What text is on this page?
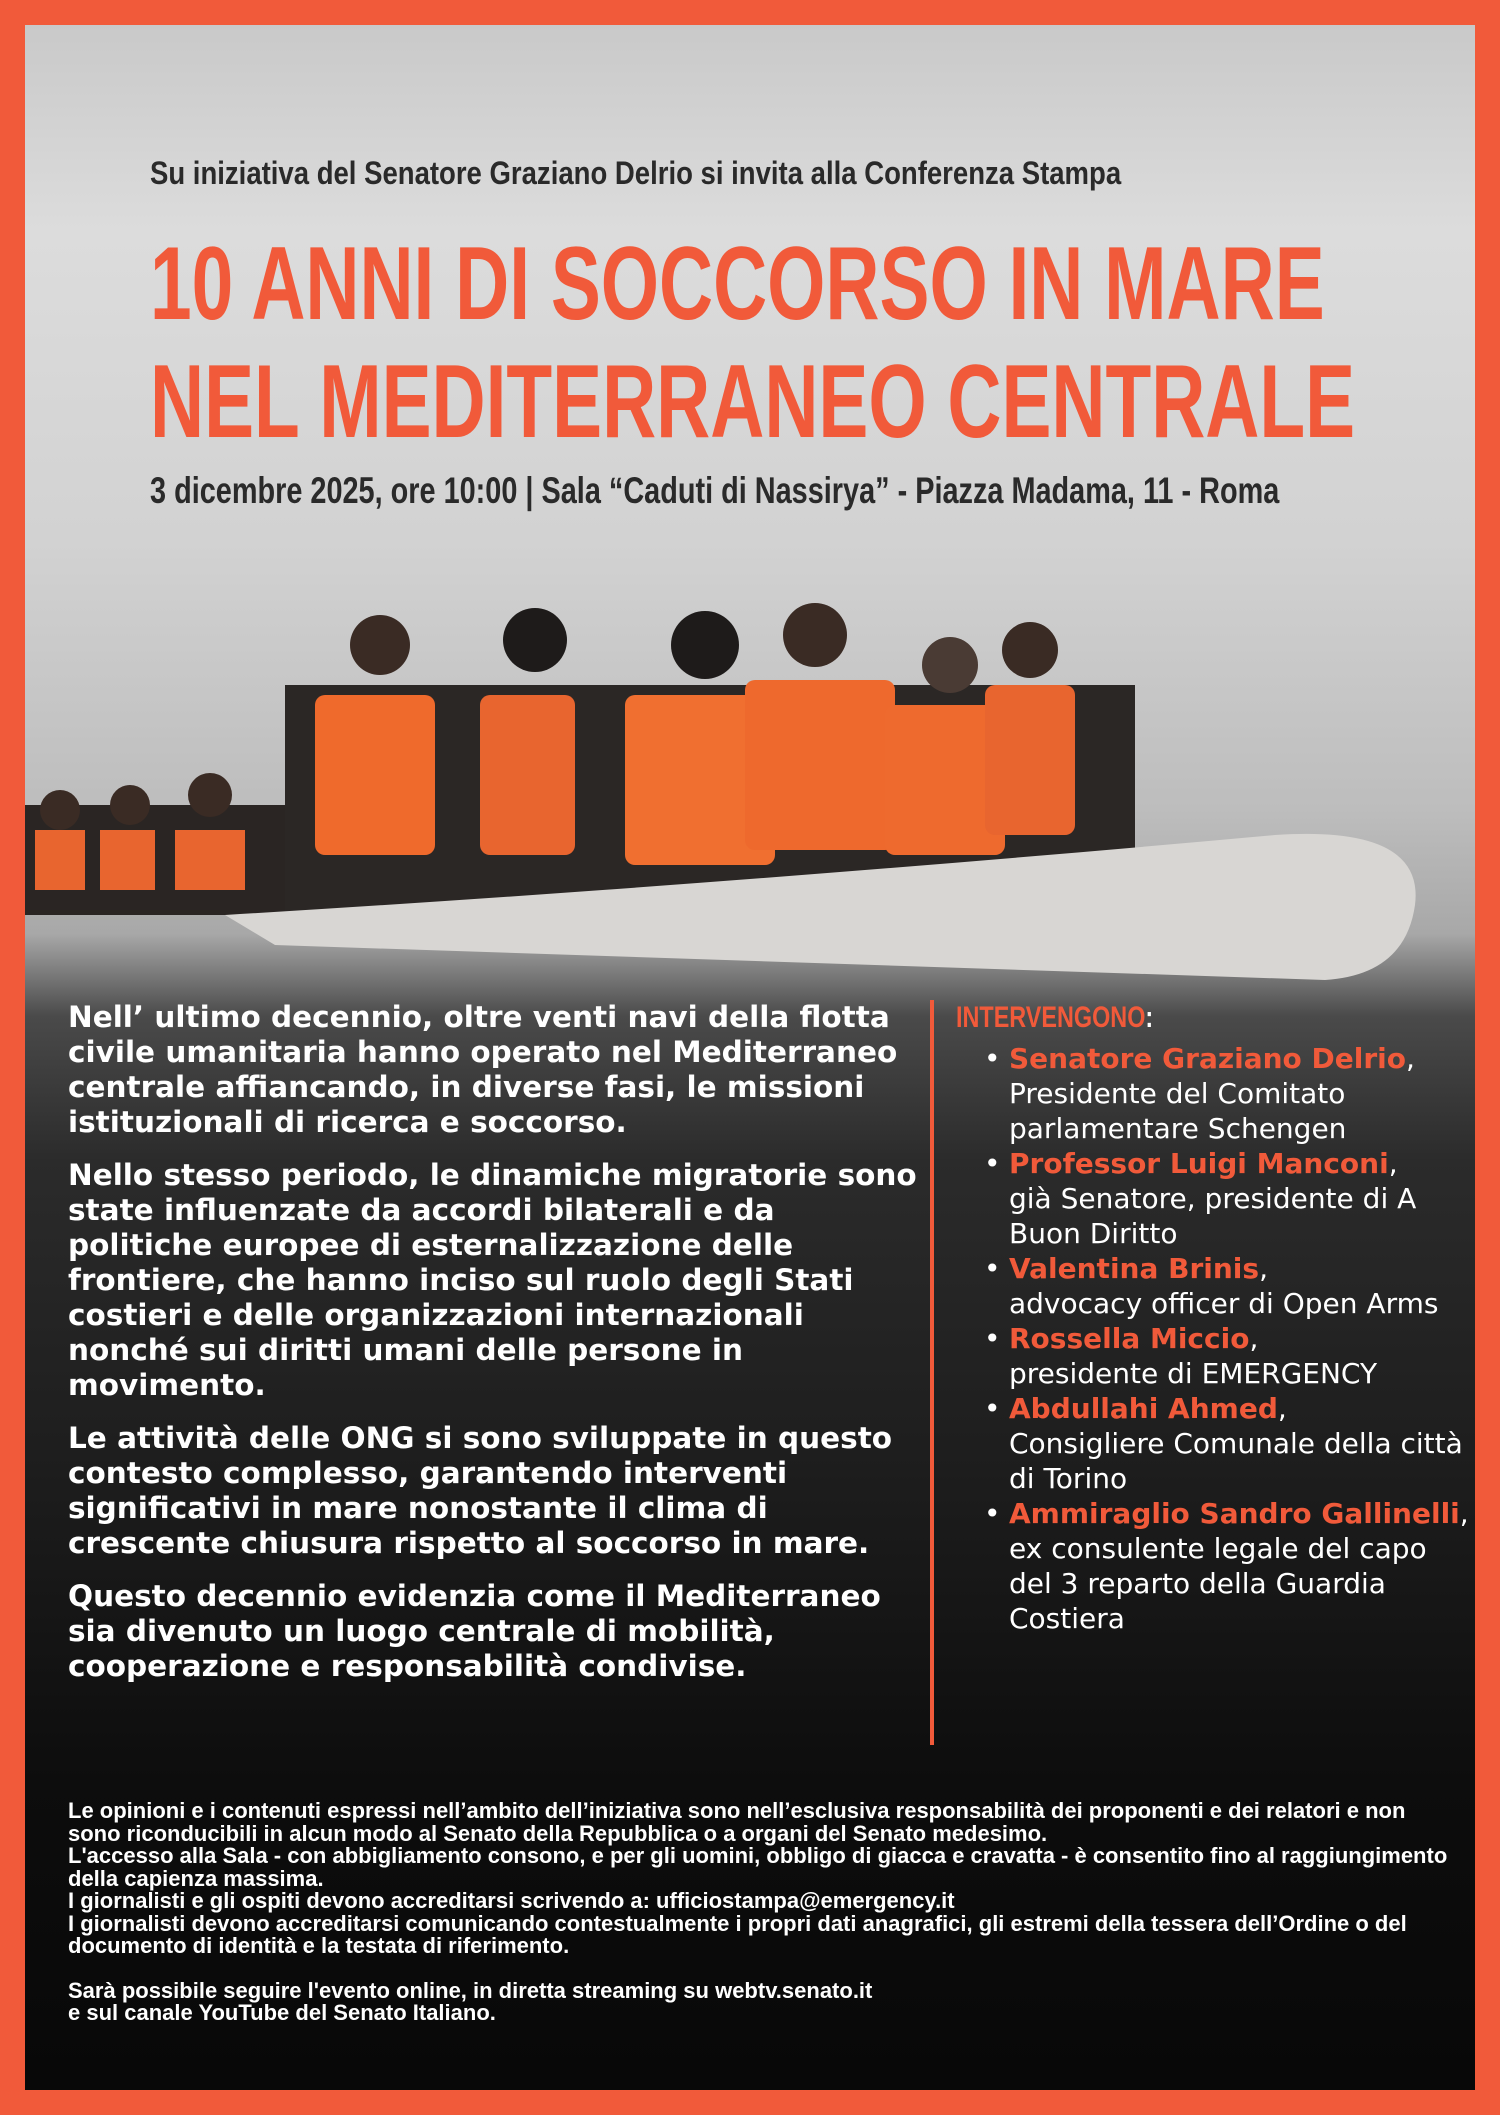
Su iniziativa del Senatore Graziano Delrio si invita alla Conferenza Stampa
10 ANNI DI SOCCORSO IN MARE
NEL MEDITERRANEO CENTRALE
3 dicembre 2025, ore 10:00 | Sala “Caduti di Nassirya” - Piazza Madama, 11 - Roma

Nell’ ultimo decennio, oltre venti navi della flotta civile umanitaria hanno operato nel Mediterraneo centrale affiancando, in diverse fasi, le missioni istituzionali di ricerca e soccorso.

Nello stesso periodo, le dinamiche migratorie sono state influenzate da accordi bilaterali e da politiche europee di esternalizzazione delle frontiere, che hanno inciso sul ruolo degli Stati costieri e delle organizzazioni internazionali nonché sui diritti umani delle persone in movimento.

Le attività delle ONG si sono sviluppate in questo contesto complesso, garantendo interventi significativi in mare nonostante il clima di crescente chiusura rispetto al soccorso in mare.

Questo decennio evidenzia come il Mediterraneo sia divenuto un luogo centrale di mobilità, cooperazione e responsabilità condivise.

INTERVENGONO:
• Senatore Graziano Delrio,
Presidente del Comitato parlamentare Schengen
• Professor Luigi Manconi,
già Senatore, presidente di A Buon Diritto
• Valentina Brinis,
advocacy officer di Open Arms
• Rossella Miccio,
presidente di EMERGENCY
• Abdullahi Ahmed,
Consigliere Comunale della città di Torino
• Ammiraglio Sandro Gallinelli,
ex consulente legale del capo del 3 reparto della Guardia Costiera
Le opinioni e i contenuti espressi nell’ambito dell’iniziativa sono nell’esclusiva responsabilità dei proponenti e dei relatori e non sono riconducibili in alcun modo al Senato della Repubblica o a organi del Senato medesimo.
L'accesso alla Sala - con abbigliamento consono, e per gli uomini, obbligo di giacca e cravatta - è consentito fino al raggiungimento della capienza massima.
I giornalisti e gli ospiti devono accreditarsi scrivendo a: ufficiostampa@emergency.it
I giornalisti devono accreditarsi comunicando contestualmente i propri dati anagrafici, gli estremi della tessera dell’Ordine o del documento di identità e la testata di riferimento.
Sarà possibile seguire l'evento online, in diretta streaming su webtv.senato.it
e sul canale YouTube del Senato Italiano.
